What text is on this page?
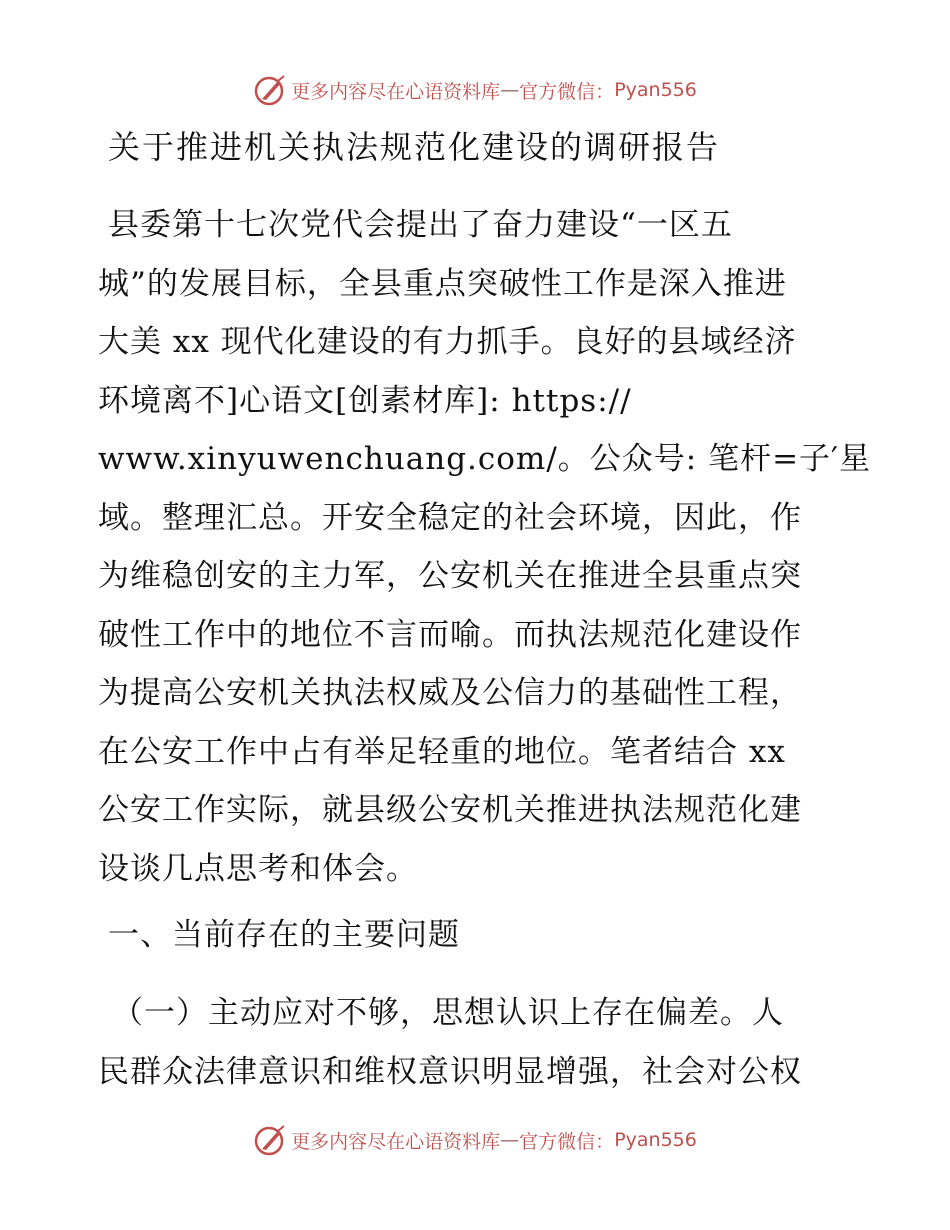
更多内容尽在心语资料库 — 官方微信： Pyan556
关于推进机关执法规范化建设的调研报告
县委第十七次党代会提出了奋力建设“一区五
城”的发展目标，全县重点突破性工作是深入推进
大美 xx 现代化建设的有力抓手。良好的县域经济
环境离不]心语文[创素材库]: https://
www.xinyuwenchuang.com/。公众号: 笔杆=子′星
域。整理汇总。开安全稳定的社会环境，因此，作
为维稳创安的主力军，公安机关在推进全县重点突
破性工作中的地位不言而喻。而执法规范化建设作
为提高公安机关执法权威及公信力的基础性工程，
在公安工作中占有举足轻重的地位。笔者结合 xx
公安工作实际，就县级公安机关推进执法规范化建
设谈几点思考和体会。
一、当前存在的主要问题
（一）主动应对不够，思想认识上存在偏差。人
民群众法律意识和维权意识明显增强，社会对公权
更多内容尽在心语资料库 — 官方微信： Pyan556
